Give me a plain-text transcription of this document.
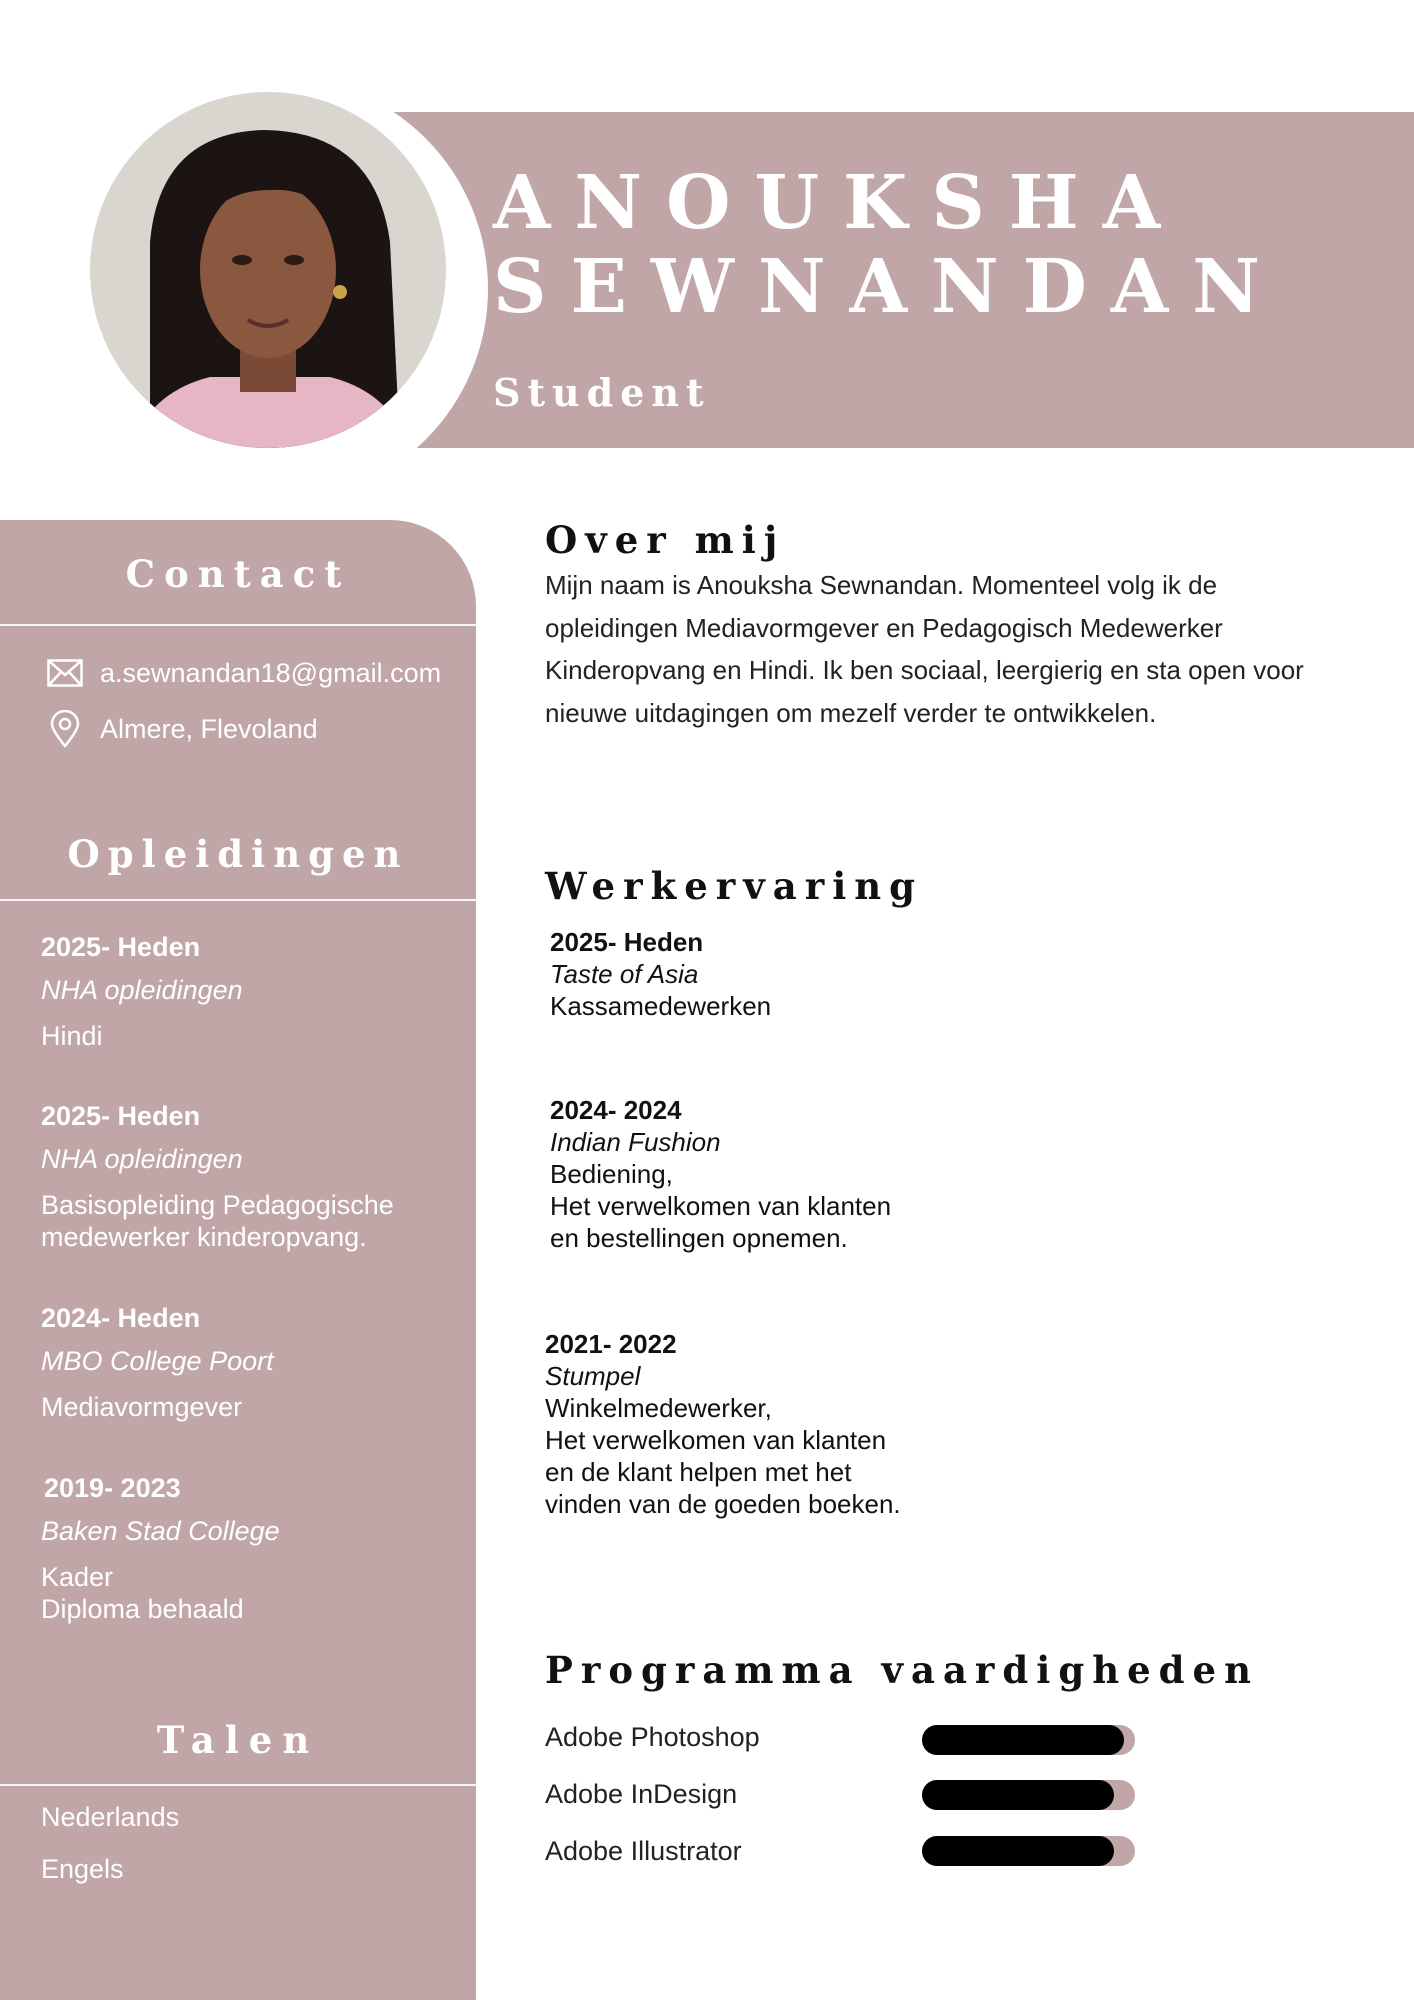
ANOUKSHA
SEWNANDAN
Student
Contact
a.sewnandan18@gmail.com
Almere, Flevoland
Opleidingen
2025- Heden
NHA opleidingen
Hindi
2025- Heden
NHA opleidingen
Basisopleiding Pedagogische medewerker kinderopvang.
2024- Heden
MBO College Poort
Mediavormgever
2019- 2023
Baken Stad College
Kader
Diploma behaald
Talen
Nederlands
Engels
Over mij
Mijn naam is Anouksha Sewnandan. Momenteel volg ik de opleidingen Mediavormgever en Pedagogisch Medewerker Kinderopvang en Hindi. Ik ben sociaal, leergierig en sta open voor nieuwe uitdagingen om mezelf verder te ontwikkelen.
Werkervaring
2025- Heden
Taste of Asia
Kassamedewerken
2024- 2024
Indian Fushion
Bediening,
Het verwelkomen van klanten
en bestellingen opnemen.
2021- 2022
Stumpel
Winkelmedewerker,
Het verwelkomen van klanten
en de klant helpen met het
vinden van de goeden boeken.
Programma vaardigheden
Adobe Photoshop
Adobe InDesign
Adobe Illustrator
